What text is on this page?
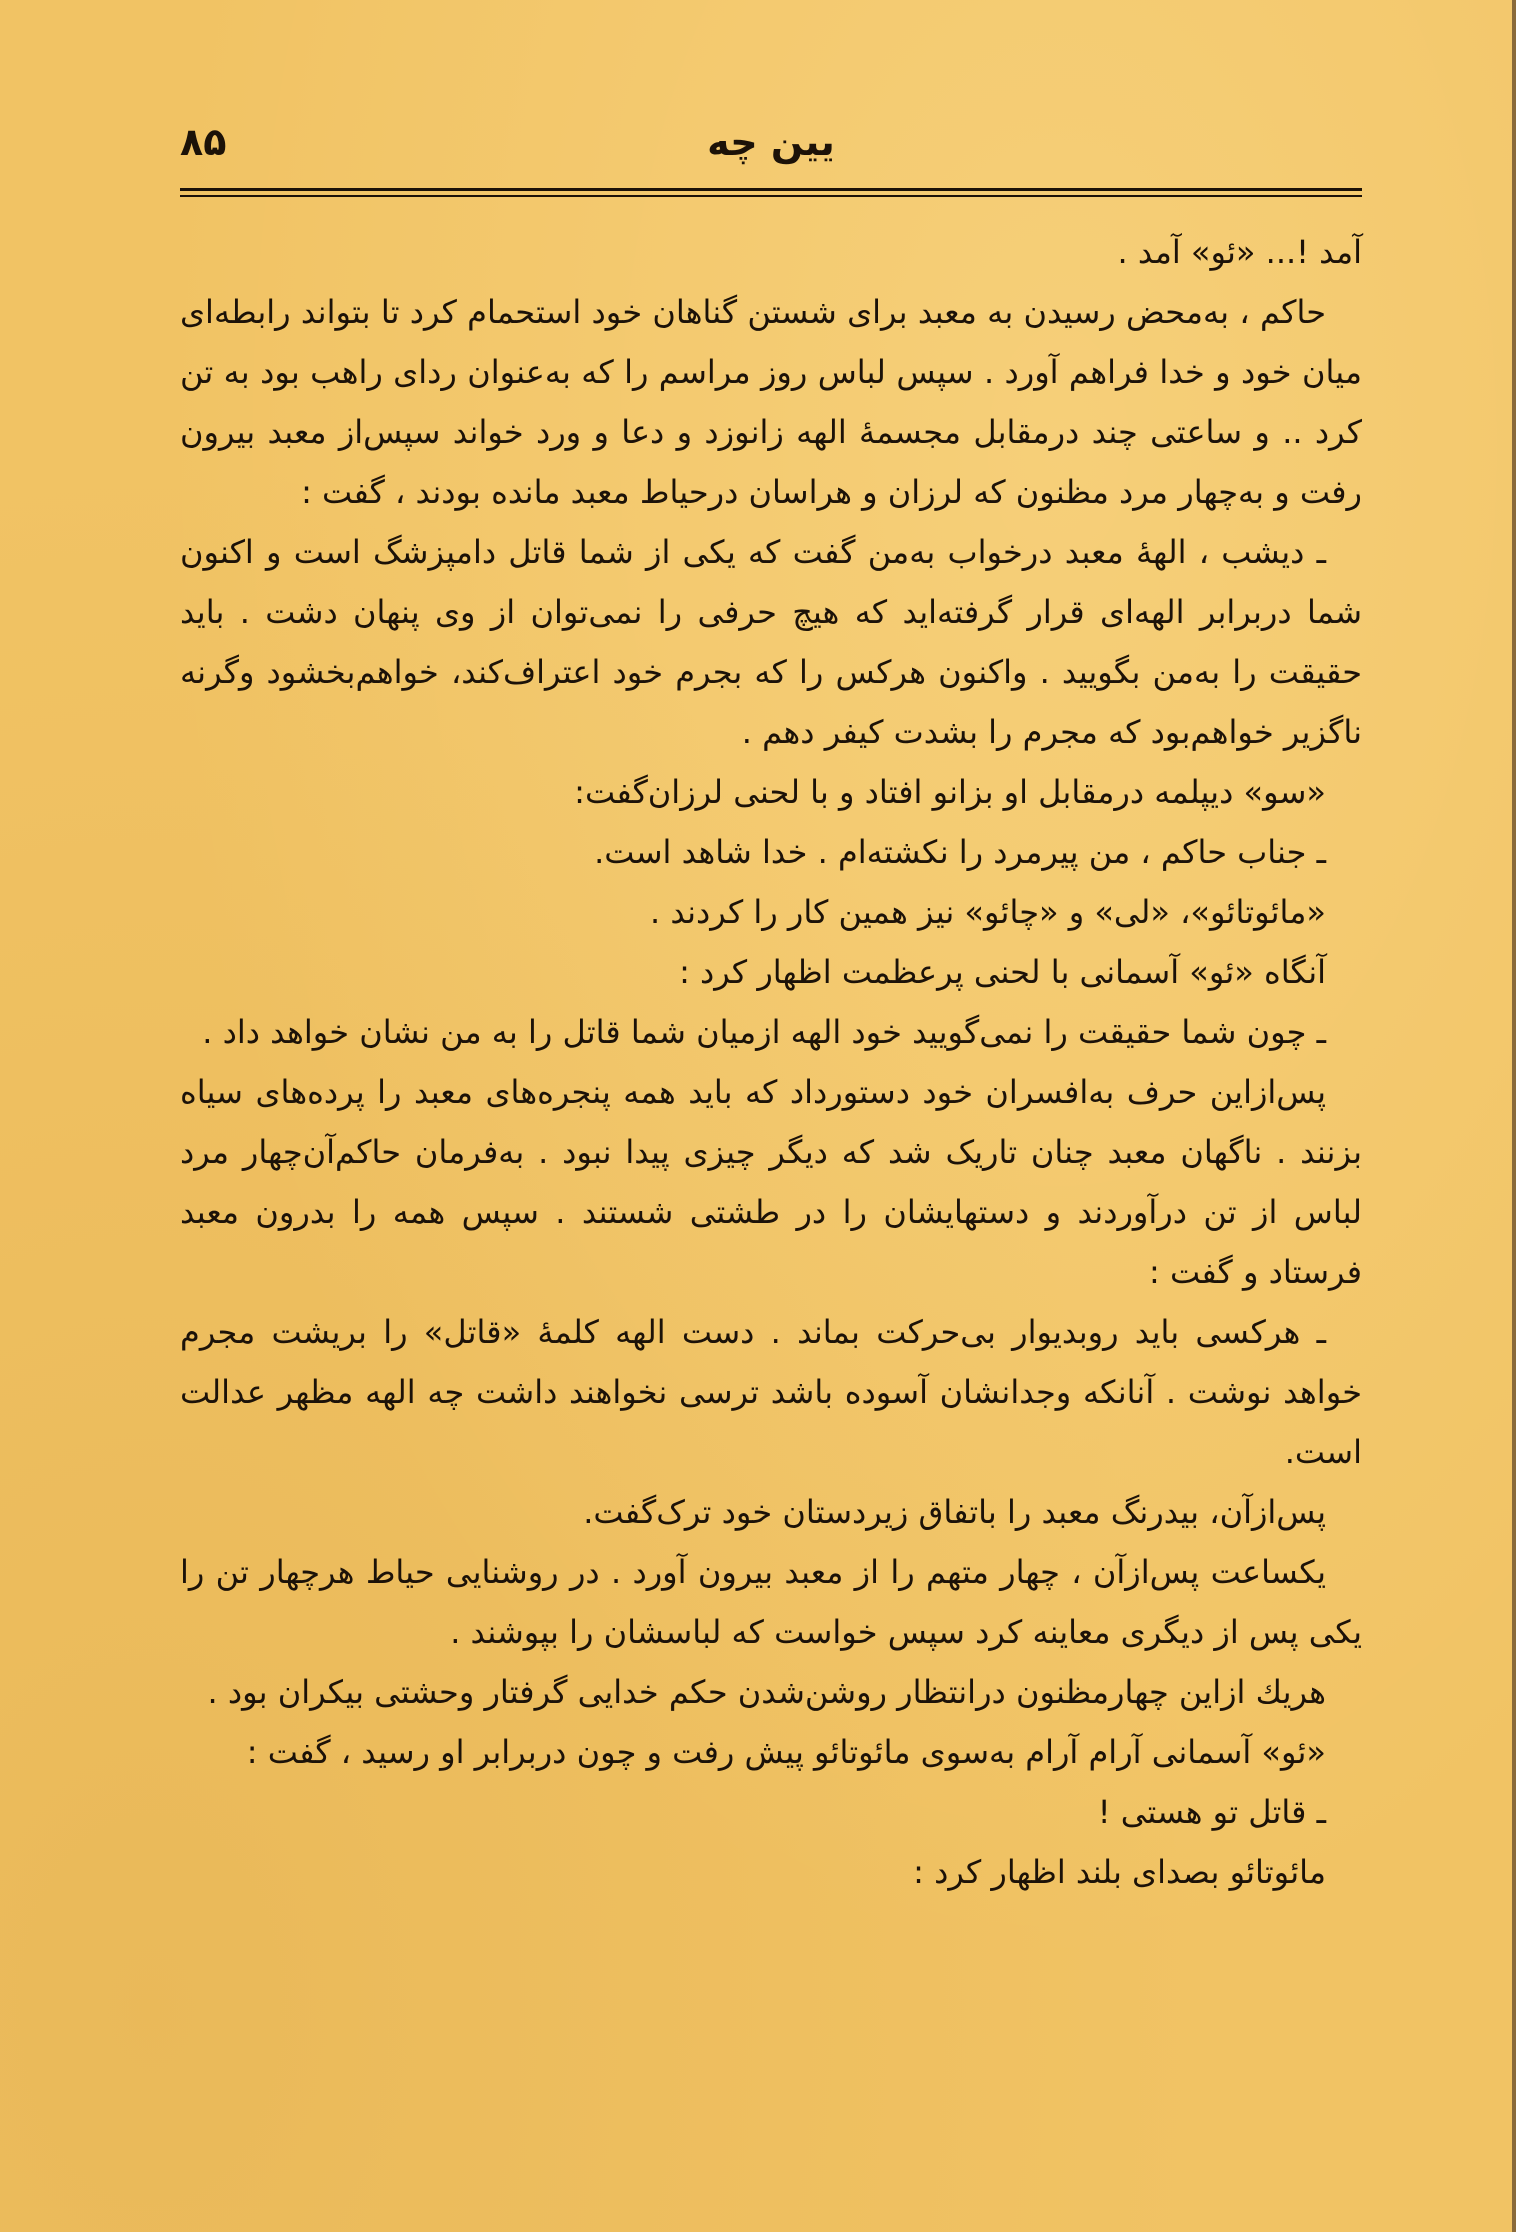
۸۵	یین چه

آمد !... «ئو» آمد .

حاکم ، به‌محض رسیدن به معبد برای شستن گناهان خود استحمام کرد تا بتواند رابطه‌ای میان خود و خدا فراهم آورد . سپس لباس روز مراسم را که به‌عنوان ردای راهب بود به تن کرد .. و ساعتی چند درمقابل مجسمهٔ الهه زانوزد و دعا و ورد خواند سپس‌از معبد بیرون رفت و به‌چهار مرد مظنون که لرزان و هراسان درحیاط معبد مانده بودند ، گفت :

ـ دیشب ، الههٔ معبد درخواب به‌من گفت که یکی از شما قاتل دامپزشگ است و اکنون شما دربرابر الهه‌ای قرار گرفته‌اید که هیچ حرفی را نمی‌توان از وی پنهان دشت . باید حقیقت را به‌من بگویید . واکنون هرکس را که بجرم خود اعتراف‌کند، خواهم‌بخشود وگرنه ناگزیر خواهم‌بود که مجرم را بشدت کیفر دهم .

«سو» دیپلمه درمقابل او بزانو افتاد و با لحنی لرزان‌گفت:

ـ جناب حاکم ، من پیرمرد را نکشته‌ام . خدا شاهد است.

«مائوتائو»، «لی» و «چائو» نیز همین کار را کردند .

آنگاه «ئو» آسمانی با لحنی پرعظمت اظهار کرد :

ـ چون شما حقیقت را نمی‌گویید خود الهه ازمیان شما قاتل را به من نشان خواهد داد .

پس‌ازاین حرف به‌افسران خود دستورداد که باید همه پنجره‌های معبد را پرده‌های سیاه بزنند . ناگهان معبد چنان تاریک شد که دیگر چیزی پیدا نبود . به‌فرمان حاکم‌آن‌چهار مرد لباس از تن درآوردند و دستهایشان را در طشتی شستند . سپس همه را بدرون معبد فرستاد و گفت :

ـ هرکسی باید روبدیوار بی‌حرکت بماند . دست الهه کلمهٔ «قاتل» را بریشت مجرم خواهد نوشت . آنانکه وجدانشان آسوده باشد ترسی نخواهند داشت چه الهه مظهر عدالت است.

پس‌ازآن، بیدرنگ معبد را باتفاق زیردستان خود ترک‌گفت.

یکساعت پس‌ازآن ، چهار متهم را از معبد بیرون آورد . در روشنایی حیاط هرچهار تن را یکی پس از دیگری معاینه کرد سپس خواست که لباسشان را بپوشند .

هریك ازاین چهارمظنون درانتظار روشن‌شدن حکم خدایی گرفتار وحشتی بیکران بود .

«ئو» آسمانی آرام آرام به‌سوی مائوتائو پیش رفت و چون دربرابر او رسید ، گفت :

ـ قاتل تو هستی !

مائوتائو بصدای بلند اظهار کرد :
